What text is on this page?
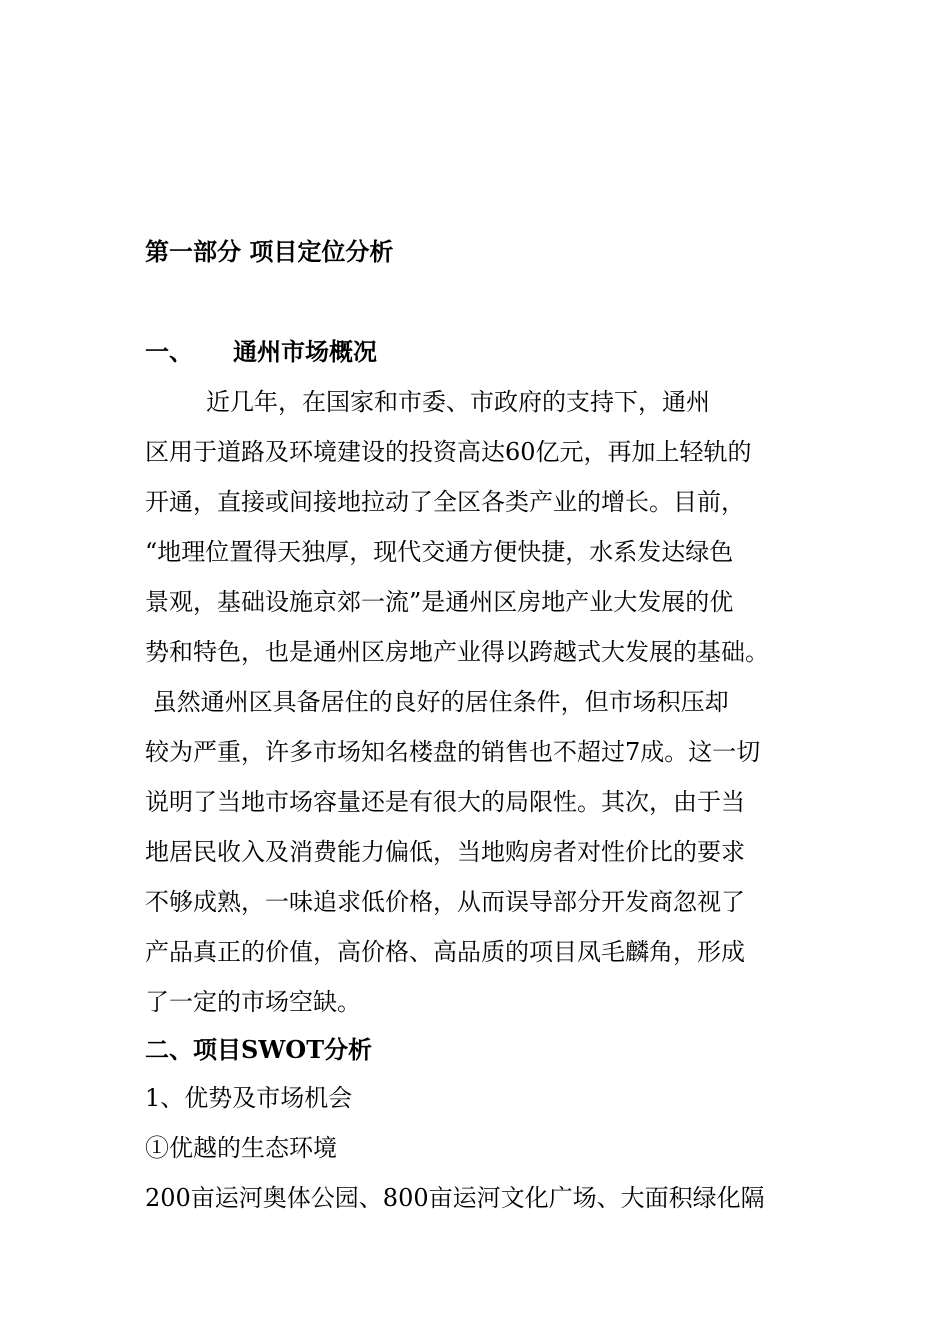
第一部分 项目定位分析
一、 通州市场概况
近几年，在国家和市委、市政府的支持下，通州
区用于道路及环境建设的投资高达60亿元，再加上轻轨的
开通，直接或间接地拉动了全区各类产业的增长。目前，
“地理位置得天独厚，现代交通方便快捷，水系发达绿色
景观，基础设施京郊一流”是通州区房地产业大发展的优
势和特色，也是通州区房地产业得以跨越式大发展的基础。
虽然通州区具备居住的良好的居住条件，但市场积压却
较为严重，许多市场知名楼盘的销售也不超过7成。这一切
说明了当地市场容量还是有很大的局限性。其次，由于当
地居民收入及消费能力偏低，当地购房者对性价比的要求
不够成熟，一味追求低价格，从而误导部分开发商忽视了
产品真正的价值，高价格、高品质的项目凤毛麟角，形成
了一定的市场空缺。
二、项目SWOT分析
1、优势及市场机会
①优越的生态环境
200亩运河奥体公园、800亩运河文化广场、大面积绿化隔
